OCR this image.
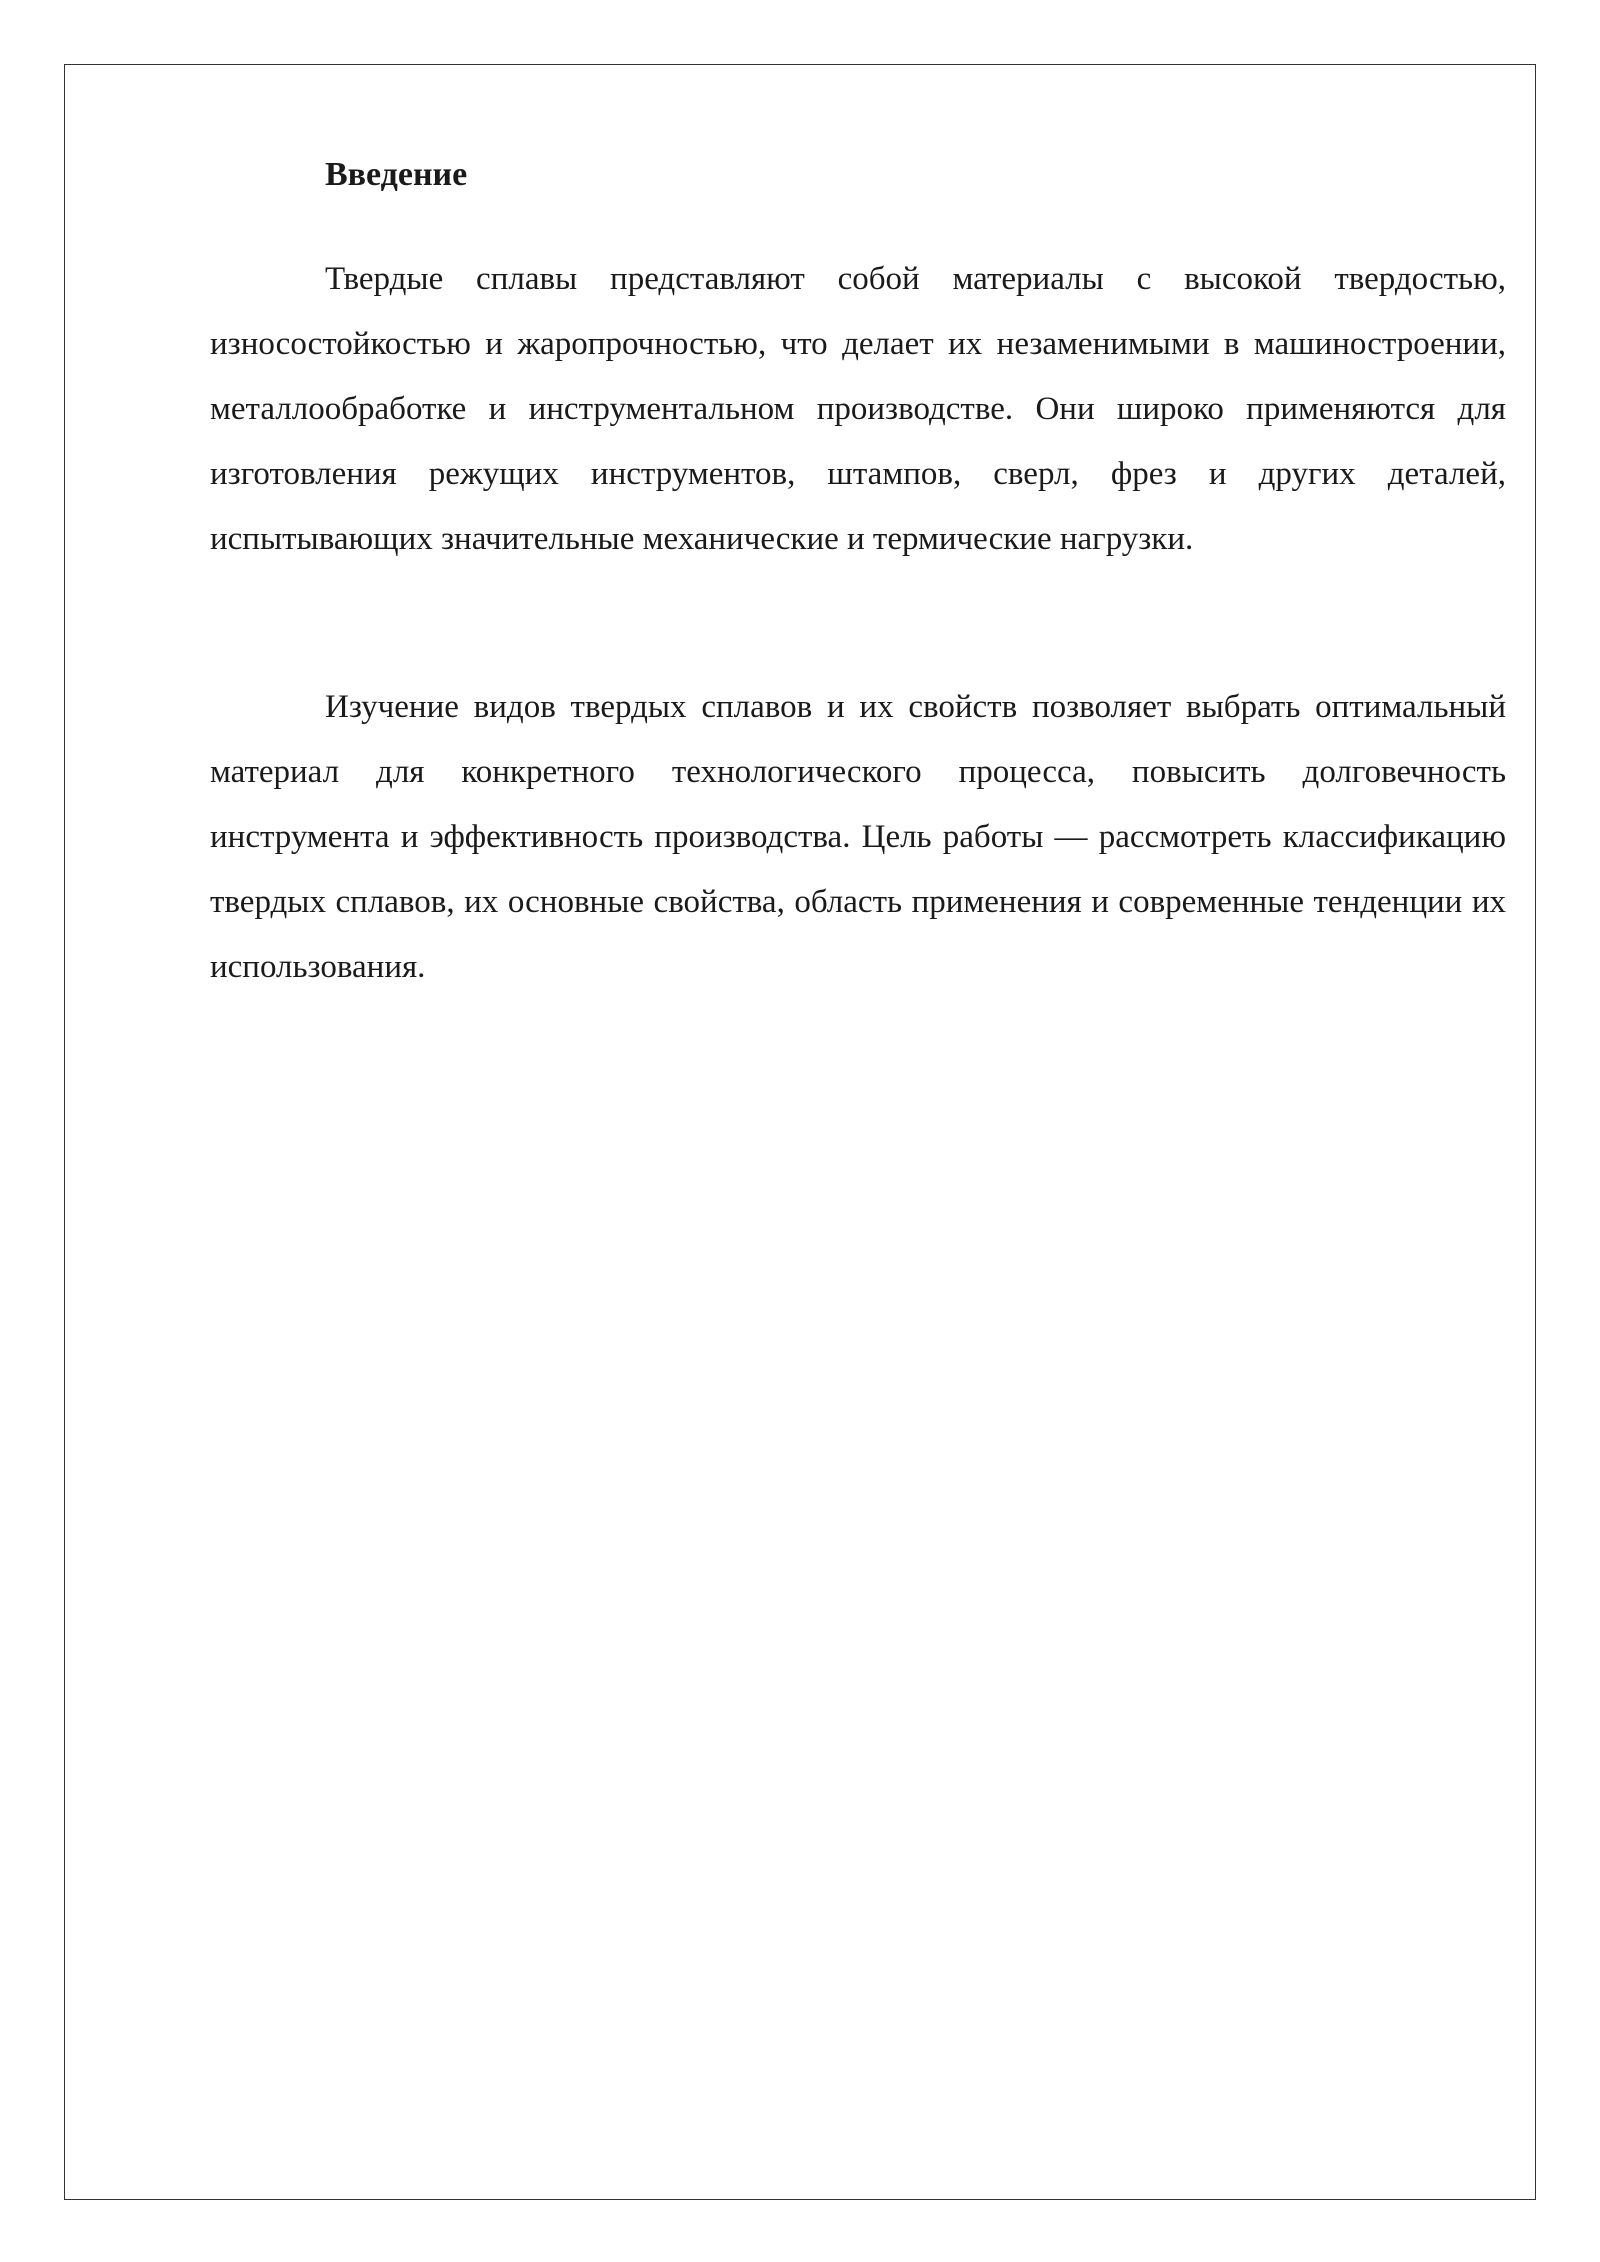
Введение

Твердые сплавы представляют собой материалы с высокой твердостью, износостойкостью и жаропрочностью, что делает их незаменимыми в машиностроении, металлообработке и инструментальном производстве. Они широко применяются для изготовления режущих инструментов, штампов, сверл, фрез и других деталей, испытывающих значительные механические и термические нагрузки.

Изучение видов твердых сплавов и их свойств позволяет выбрать оптимальный материал для конкретного технологического процесса, повысить долговечность инструмента и эффективность производства. Цель работы — рассмотреть классификацию твердых сплавов, их основные свойства, область применения и современные тенденции их использования.
